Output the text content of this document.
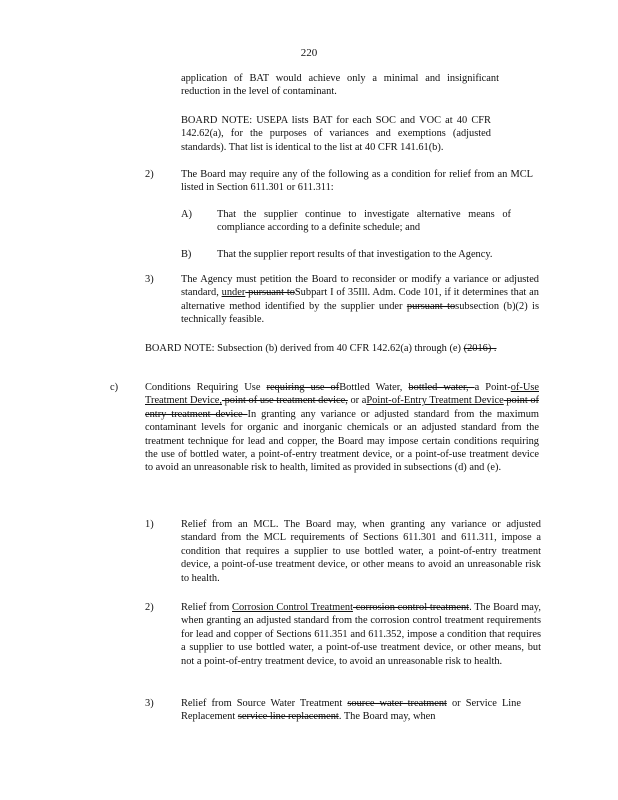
220

application of BAT would achieve only a minimal and insignificant reduction in the level of contaminant.

BOARD NOTE: USEPA lists BAT for each SOC and VOC at 40 CFR 142.62(a), for the purposes of variances and exemptions (adjusted standards). That list is identical to the list at 40 CFR 141.61(b).

2)	The Board may require any of the following as a condition for relief from an MCL listed in Section 611.301 or 611.311:

A) That the supplier continue to investigate alternative means of compliance according to a definite schedule; and

B) That the supplier report results of that investigation to the Agency.

3)	The Agency must petition the Board to reconsider or modify a variance or adjusted standard, under pursuant toSubpart I of 35Ill. Adm. Code 101, if it determines that an alternative method identified by the supplier under pursuant tosubsection (b)(2) is technically feasible.

BOARD NOTE: Subsection (b) derived from 40 CFR 142.62(a) through (e) (2016) .

c)	Conditions Requiring Use requiring use ofBottled Water, bottled water, a Point-of-Use Treatment Device, point of use treatment device, or aPoint-of-Entry Treatment Device point of entry treatment device In granting any variance or adjusted standard from the maximum contaminant levels for organic and inorganic chemicals or an adjusted standard from the treatment technique for lead and copper, the Board may impose certain conditions requiring the use of bottled water, a point-of-entry treatment device, or a point-of-use treatment device to avoid an unreasonable risk to health, limited as provided in subsections (d) and (e).

1)	Relief from an MCL. The Board may, when granting any variance or adjusted standard from the MCL requirements of Sections 611.301 and 611.311, impose a condition that requires a supplier to use bottled water, a point-of-entry treatment device, a point-of-use treatment device, or other means to avoid an unreasonable risk to health.

2)	Relief from Corrosion Control Treatment corrosion control treatment. The Board may, when granting an adjusted standard from the corrosion control treatment requirements for lead and copper of Sections 611.351 and 611.352, impose a condition that requires a supplier to use bottled water, a point-of-use treatment device, or other means, but not a point-of-entry treatment device, to avoid an unreasonable risk to health.

3)	Relief from Source Water Treatment source water treatment or Service Line Replacement service line replacement. The Board may, when
